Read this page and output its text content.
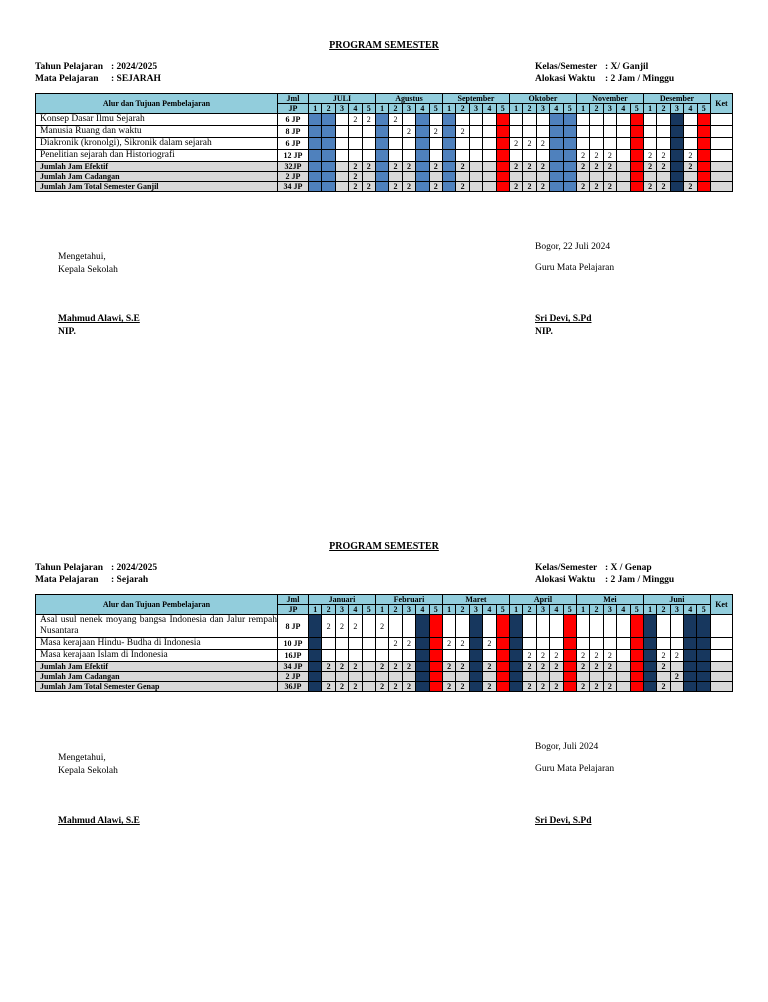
PROGRAM SEMESTER
Tahun Pelajaran : 2024/2025
Mata Pelajaran	: SEJARAH
Kelas/Semester : X/ Ganjil
Alokasi Waktu	: 2 Jam / Minggu
Alur dan Tujuan Pembelajaran	Jml	JULI					Agustus					September					Oktober					November					Desember					Ket
	JP	1	2	3	4	5	1	2	3	4	5	1	2	3	4	5	1	2	3	4	5	1	2	3	4	5	1	2	3	4	5	
Konsep Dasar Ilmu Sejarah	6 JP				2	2		2																								
Manusia Ruang dan waktu	8 JP								2		2		2																			
Diakronik (kronolgi), Sikronik dalam sejarah	6 JP																2	2	2													
Penelitian sejarah dan Historiografi	12 JP																					2	2	2			2	2		2		
Jumlah Jam Efektif	32JP				2	2		2	2		2		2				2	2	2			2	2	2			2	2		2		
Jumlah Jam Cadangan	2 JP				2																											
Jumlah Jam Total Semester Ganjil	34 JP				2	2		2	2		2		2				2	2	2			2	2	2			2	2		2		
Bogor, 22 Juli 2024
Mengetahui,
Kepala Sekolah	Guru Mata Pelajaran
Mahmud Alawi, S.E
NIP.
Sri Devi, S.Pd
NIP.
PROGRAM SEMESTER
Tahun Pelajaran : 2024/2025
Mata Pelajaran	: Sejarah
Kelas/Semester : X / Genap
Alokasi Waktu	: 2 Jam / Minggu
Alur dan Tujuan Pembelajaran	Jml	Januari					Februari					Maret					April					Mei					Juni					Ket
	JP	1	2	3	4	5	1	2	3	4	5	1	2	3	4	5	1	2	3	4	5	1	2	3	4	5	1	2	3	4	5	
Asal usul nenek moyang bangsa Indonesia dan Jalur rempah Nusantara	8 JP		2	2	2		2																									
Masa kerajaan Hindu- Budha di Indonesia	10 JP							2	2			2	2		2																	
Masa kerajaan Islam di Indonesia	16JP																	2	2	2		2	2	2				2	2			
Jumlah Jam Efektif	34 JP		2	2	2		2	2	2			2	2		2			2	2	2		2	2	2				2				
Jumlah Jam Cadangan	2 JP																												2			
Jumlah Jam Total Semester Genap	36JP		2	2	2		2	2	2			2	2		2			2	2	2		2	2	2				2				
Bogor, Juli 2024
Mengetahui,
Kepala Sekolah	Guru Mata Pelajaran
Mahmud Alawi, S.E	Sri Devi, S.Pd
